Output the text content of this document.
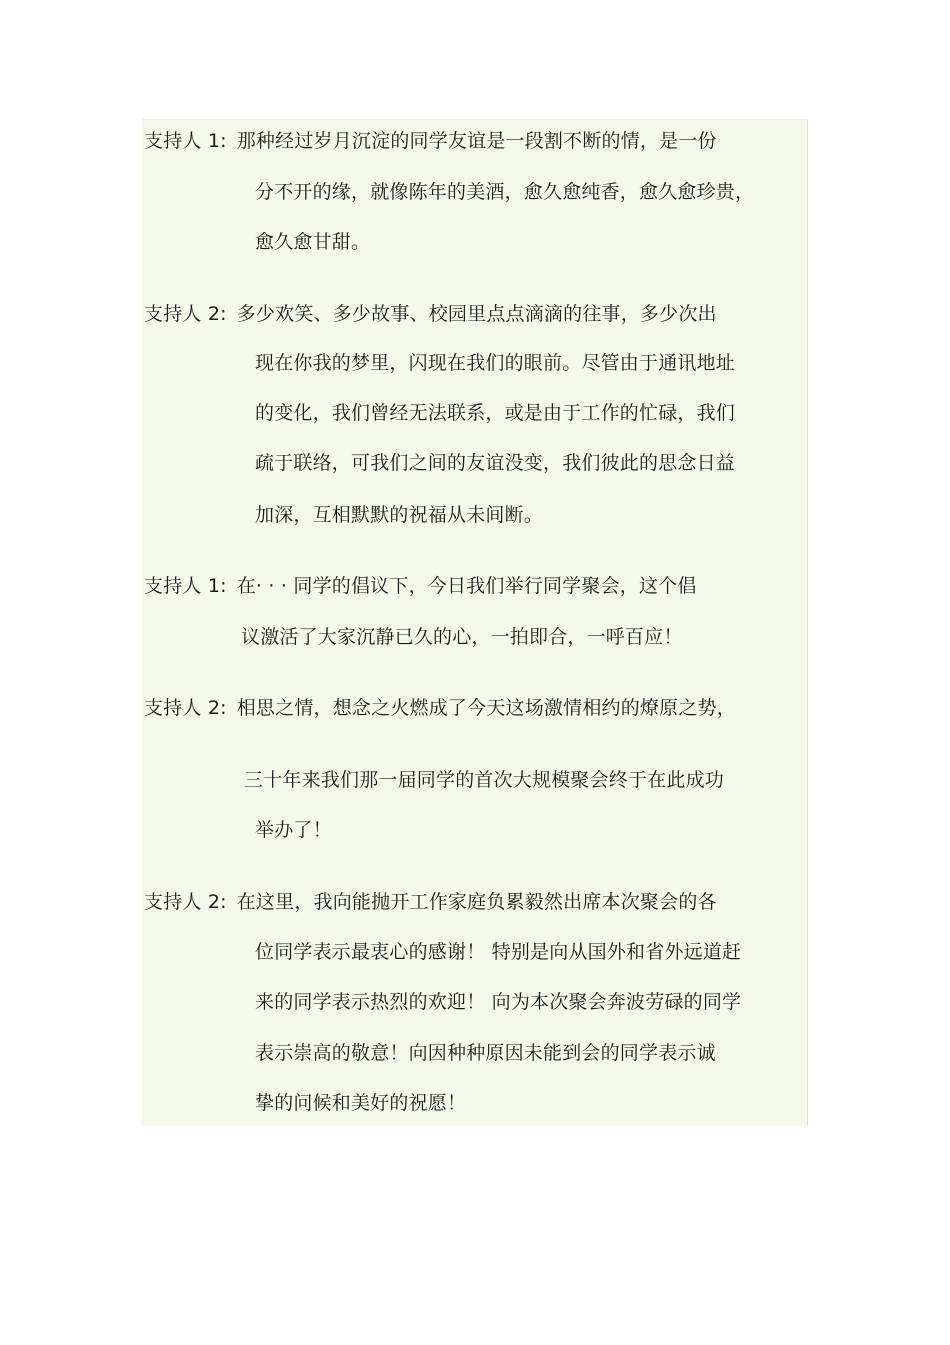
支持人 1: 那种经过岁月沉淀的同学友谊是一段割不断的情，是一份
分不开的缘，就像陈年的美酒，愈久愈纯香，愈久愈珍贵，
愈久愈甘甜。
支持人 2: 多少欢笑、多少故事、校园里点点滴滴的往事，多少次出
现在你我的梦里，闪现在我们的眼前。尽管由于通讯地址
的变化，我们曾经无法联系，或是由于工作的忙碌，我们
疏于联络，可我们之间的友谊没变，我们彼此的思念日益
加深，互相默默的祝福从未间断。
支持人 1: 在· · · 同学的倡议下，今日我们举行同学聚会，这个倡
议激活了大家沉静已久的心，一拍即合，一呼百应！
支持人 2: 相思之情，想念之火燃成了今天这场激情相约的燎原之势，
三十年来我们那一届同学的首次大规模聚会终于在此成功
举办了！
支持人 2: 在这里，我向能抛开工作家庭负累毅然出席本次聚会的各
位同学表示最衷心的感谢！ 特别是向从国外和省外远道赶
来的同学表示热烈的欢迎！ 向为本次聚会奔波劳碌的同学
表示崇高的敬意！向因种种原因未能到会的同学表示诚
挚的问候和美好的祝愿！
